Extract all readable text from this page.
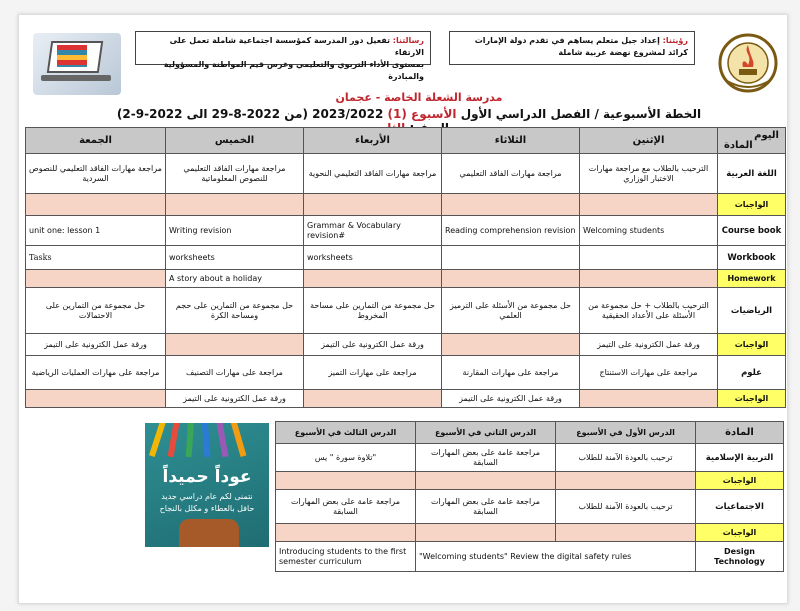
رؤيتنا: إعداد جيل متعلم يساهم في تقدم دولة الإمارات
كرائد لمشروع نهضة عربية شاملة
رسالتنا: تفعيل دور المدرسة كمؤسسة اجتماعية شاملة تعمل على الارتقاء
بمستوى الأداء التربوي والتعليمي وغرس قيم المواطنة والمسؤولية والمبادرة
مدرسة الشعلة الخاصة - عجمان
الخطة الأسبوعية / الفصل الدراسي الأول الأسبوع (1) 2023/2022 (من 2022-8-29 الى 2022-9-2)
اليوم
المادة	الإثنين	الثلاثاء	الأربعاء	الخميس	الجمعة
اللغة العربية	الترحيب بالطلاب مع مراجعة مهارات الاختبار الوزاري	مراجعة مهارات الفاقد التعليمي	مراجعة مهارات الفاقد التعليمي النحوية	مراجعة مهارات الفاقد التعليمي للنصوص المعلوماتية	مراجعة مهارات الفاقد التعليمي للنصوص السردية
الواجبات					
Course book	Welcoming students	Reading comprehension revision	Grammar & Vocabulary revision#	Writing revision	unit one: lesson 1
Workbook			worksheets	worksheets	Tasks
Homework				A story about a holiday	
الرياضيات	الترحيب بالطلاب + حل مجموعة من الأسئلة على الأعداد الحقيقية	حل مجموعة من الأسئلة على الترميز العلمي	حل مجموعة من التمارين على مساحة المخروط	حل مجموعة من التمارين على حجم ومساحة الكرة	حل مجموعة من التمارين على الاحتمالات
الواجبات	ورقة عمل الكترونية على التيمز		ورقة عمل الكترونية على التيمز		ورقة عمل الكترونية على التيمز
علوم	مراجعة على مهارات الاستنتاج	مراجعة على مهارات المقارنة	مراجعة على مهارات التميز	مراجعة على مهارات التصنيف	مراجعة على مهارات العمليات الرياضية
الواجبات		ورقة عمل الكترونية على التيمز		ورقة عمل الكترونية على التيمز	
عوداً حميداً
نتمنى لكم عام دراسي جديد
حافل بالعطاء و مكلل بالنجاح
المادة	الدرس الأول في الأسبوع	الدرس الثاني في الأسبوع	الدرس الثالث في الأسبوع
التربية الإسلامية	ترحيب بالعودة الآمنة للطلاب	مراجعة عامة على بعض المهارات السابقة	"تلاوة سورة " يس
الواجبات			
الاجتماعيات	ترحيب بالعودة الآمنة للطلاب	مراجعة عامة على بعض المهارات السابقة	مراجعة عامة على بعض المهارات السابقة
الواجبات			
Design Technology	"Welcoming students" Review the digital safety rules		Introducing students to the first semester curriculum
